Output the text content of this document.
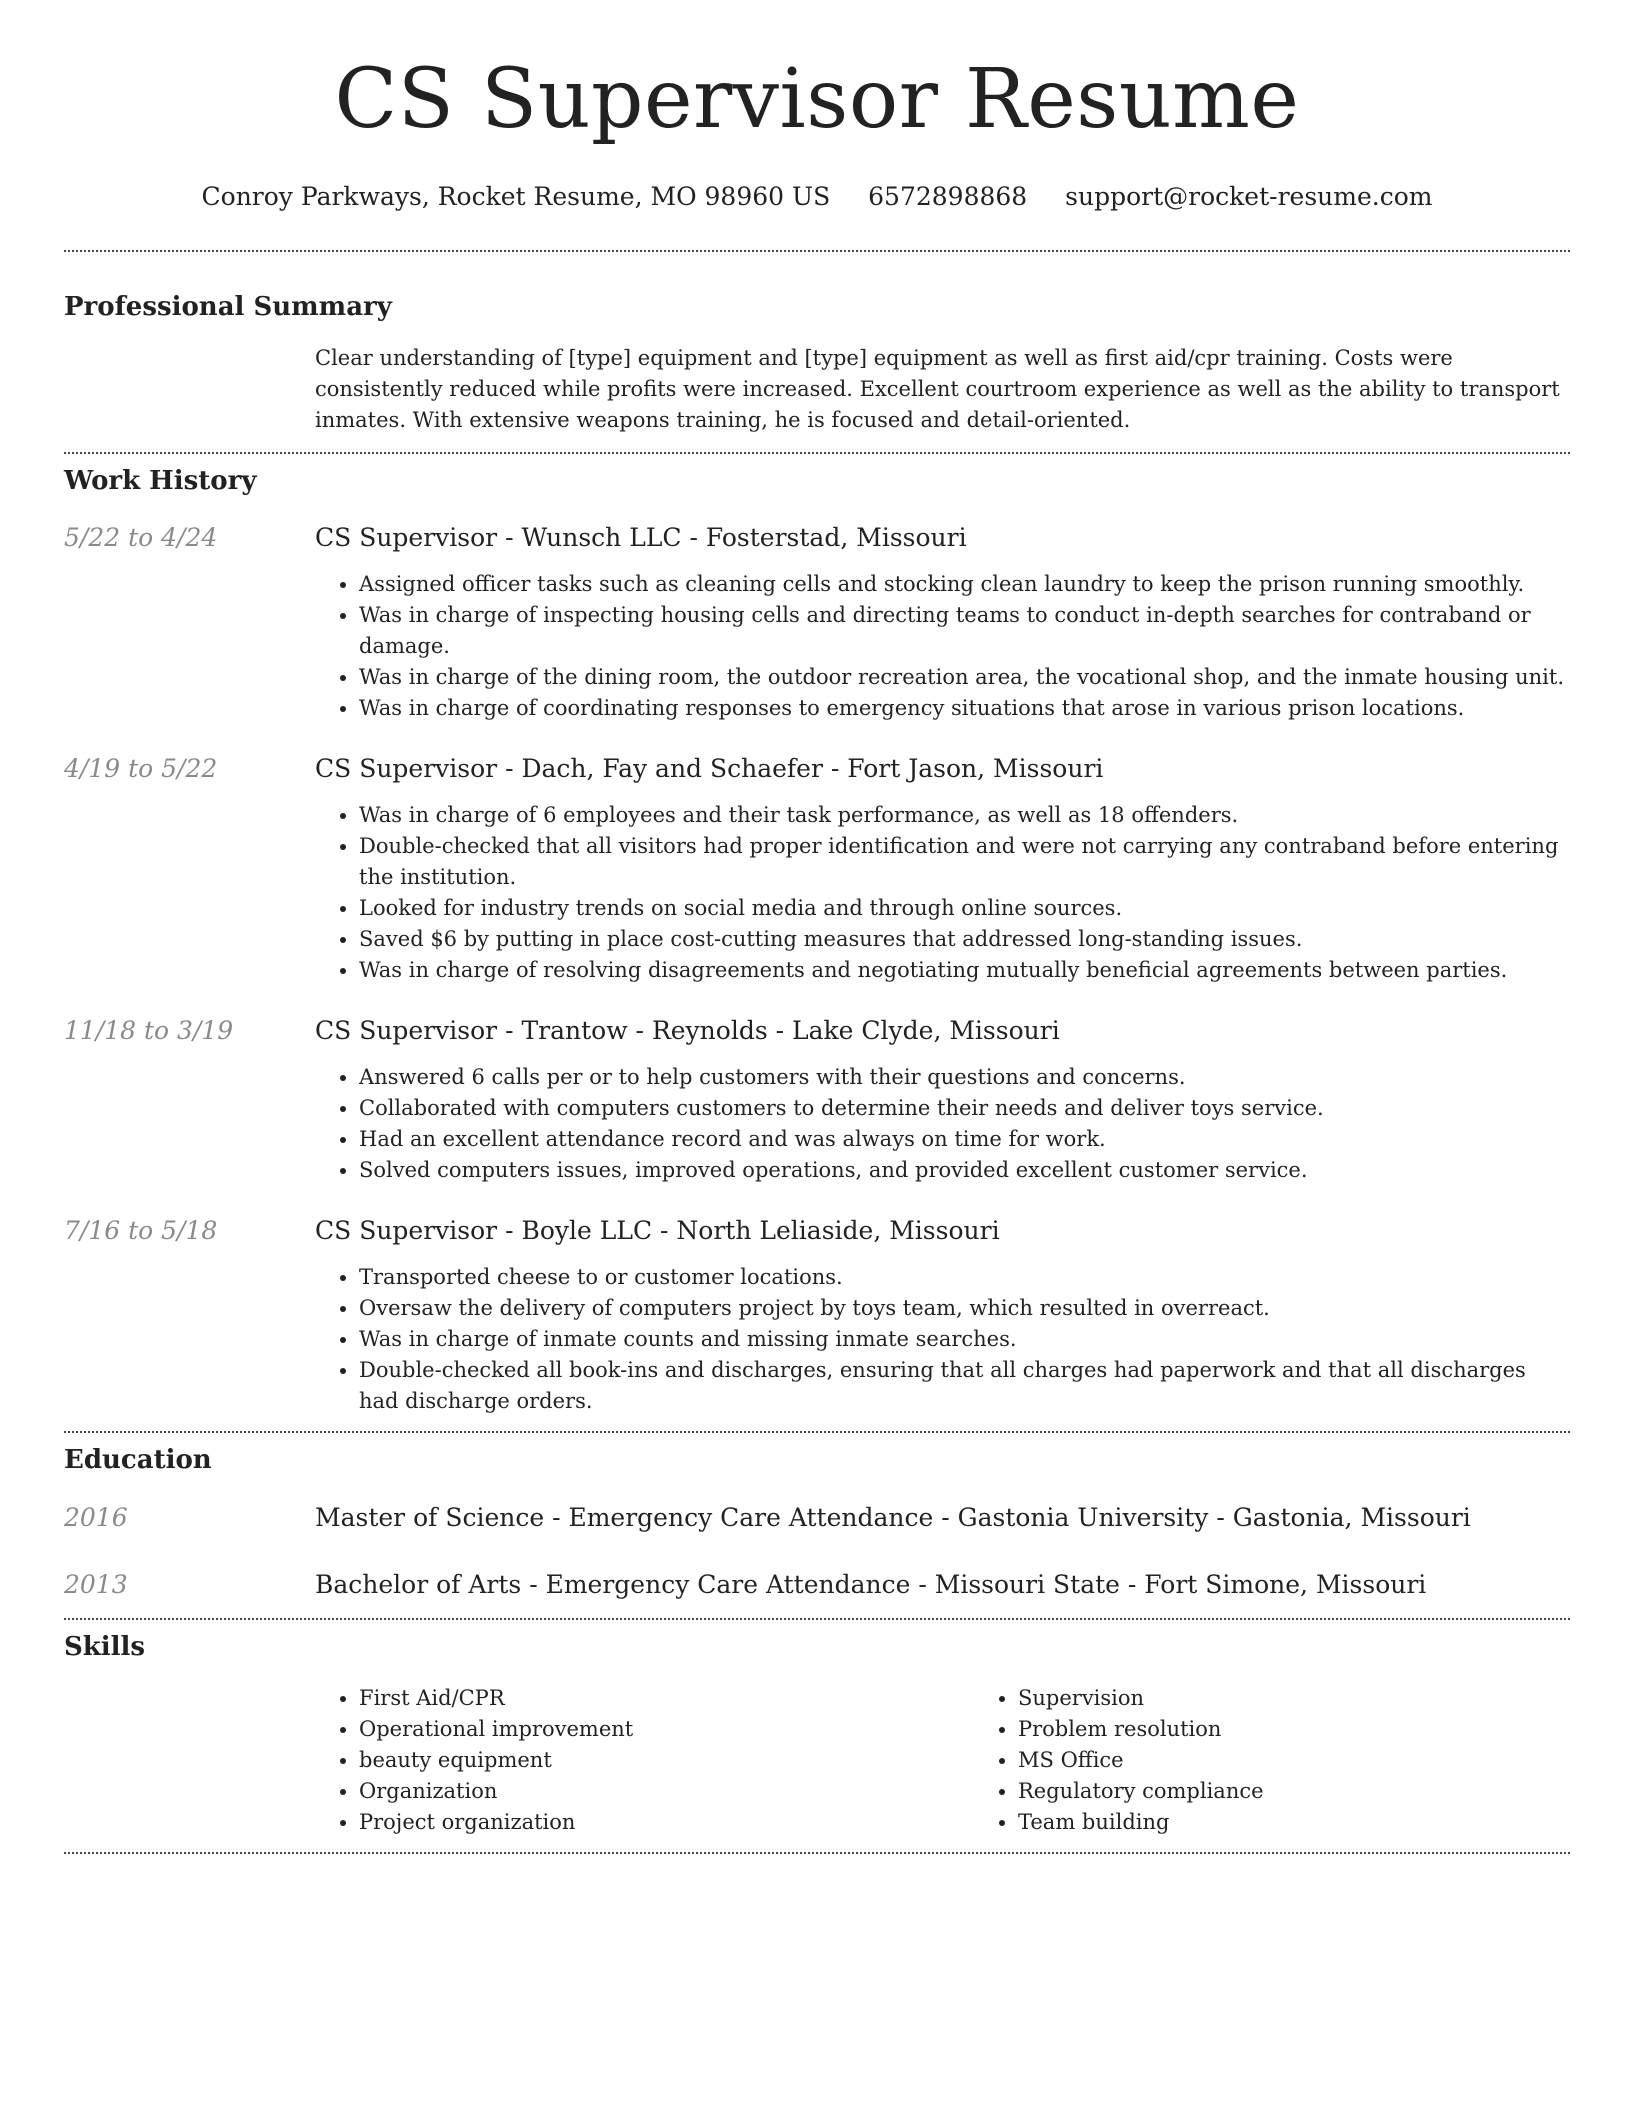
CS Supervisor Resume
Conroy Parkways, Rocket Resume, MO 98960 US 6572898868 support@rocket-resume.com
Professional Summary

Clear understanding of [type] equipment and [type] equipment as well as first aid/cpr training. Costs were consistently reduced while profits were increased. Excellent courtroom experience as well as the ability to transport inmates. With extensive weapons training, he is focused and detail-oriented.

Work History
5/22 to 4/24	CS Supervisor - Wunsch LLC - Fosterstad, Missouri

• Assigned officer tasks such as cleaning cells and stocking clean laundry to keep the prison running smoothly.
• Was in charge of inspecting housing cells and directing teams to conduct in-depth searches for contraband or damage.
• Was in charge of the dining room, the outdoor recreation area, the vocational shop, and the inmate housing unit.
• Was in charge of coordinating responses to emergency situations that arose in various prison locations.
4/19 to 5/22	CS Supervisor - Dach, Fay and Schaefer - Fort Jason, Missouri

• Was in charge of 6 employees and their task performance, as well as 18 offenders.
• Double-checked that all visitors had proper identification and were not carrying any contraband before entering the institution.
• Looked for industry trends on social media and through online sources.
• Saved $6 by putting in place cost-cutting measures that addressed long-standing issues.
• Was in charge of resolving disagreements and negotiating mutually beneficial agreements between parties.
11/18 to 3/19	CS Supervisor - Trantow - Reynolds - Lake Clyde, Missouri

• Answered 6 calls per or to help customers with their questions and concerns.
• Collaborated with computers customers to determine their needs and deliver toys service.
• Had an excellent attendance record and was always on time for work.
• Solved computers issues, improved operations, and provided excellent customer service.
7/16 to 5/18	CS Supervisor - Boyle LLC - North Leliaside, Missouri

• Transported cheese to or customer locations.
• Oversaw the delivery of computers project by toys team, which resulted in overreact.
• Was in charge of inmate counts and missing inmate searches.
• Double-checked all book-ins and discharges, ensuring that all charges had paperwork and that all discharges had discharge orders.
Education
2016	Master of Science - Emergency Care Attendance - Gastonia University - Gastonia, Missouri

2013	Bachelor of Arts - Emergency Care Attendance - Missouri State - Fort Simone, Missouri

Skills
• First Aid/CPR
• Operational improvement
• beauty equipment
• Organization
• Project organization
• Supervision
• Problem resolution
• MS Office
• Regulatory compliance
• Team building
